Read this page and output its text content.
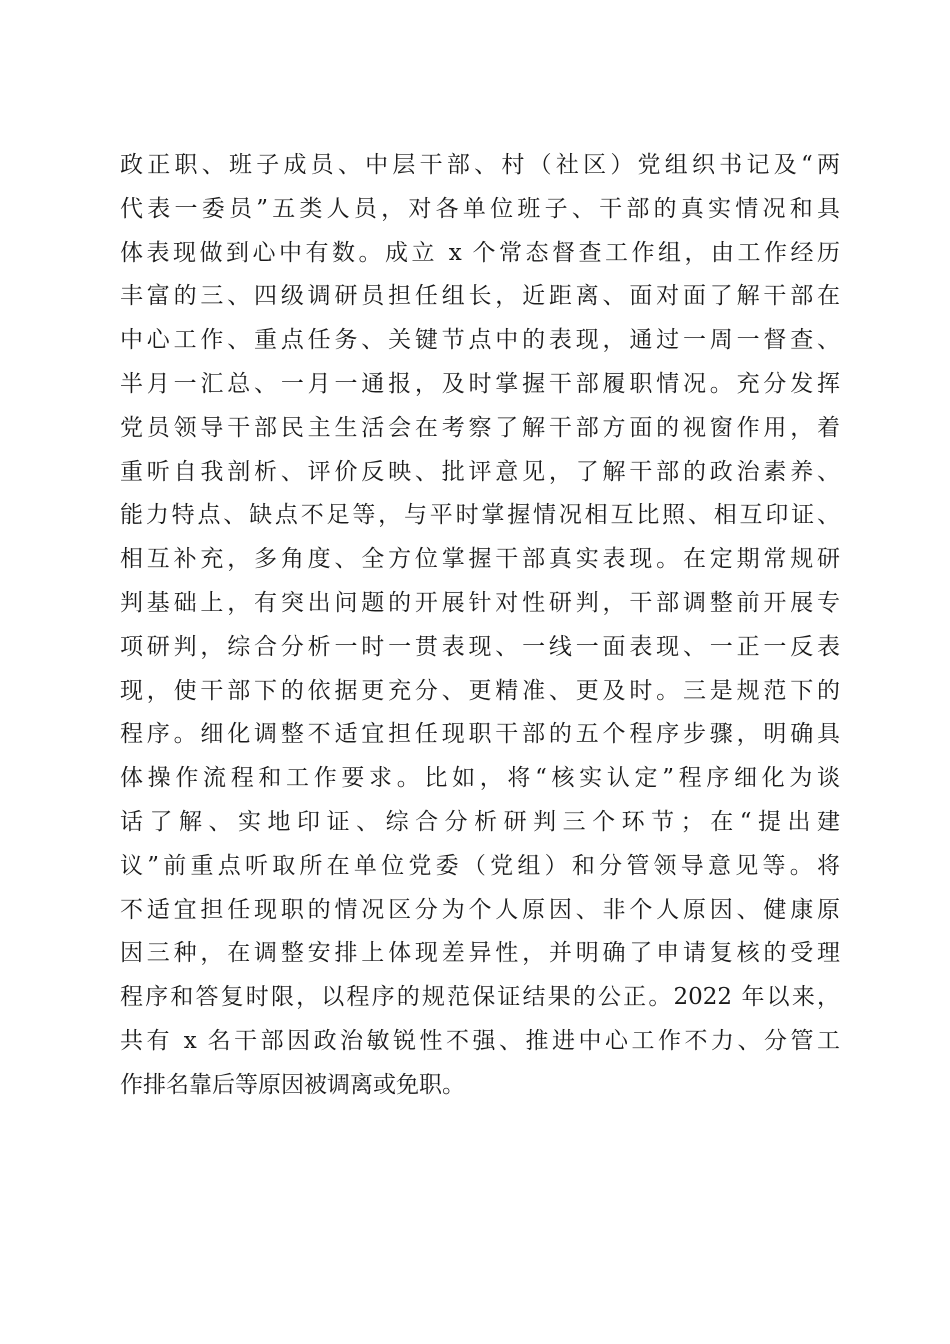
政正职、班子成员、中层干部、村（社区）党组织书记及“两
代表一委员”五类人员，对各单位班子、干部的真实情况和具
体表现做到心中有数。成立 x 个常态督查工作组，由工作经历
丰富的三、四级调研员担任组长，近距离、面对面了解干部在
中心工作、重点任务、关键节点中的表现，通过一周一督查、
半月一汇总、一月一通报，及时掌握干部履职情况。充分发挥
党员领导干部民主生活会在考察了解干部方面的视窗作用，着
重听自我剖析、评价反映、批评意见，了解干部的政治素养、
能力特点、缺点不足等，与平时掌握情况相互比照、相互印证、
相互补充，多角度、全方位掌握干部真实表现。在定期常规研
判基础上，有突出问题的开展针对性研判，干部调整前开展专
项研判，综合分析一时一贯表现、一线一面表现、一正一反表
现，使干部下的依据更充分、更精准、更及时。三是规范下的
程序。细化调整不适宜担任现职干部的五个程序步骤，明确具
体操作流程和工作要求。比如，将“核实认定”程序细化为谈
话了解、实地印证、综合分析研判三个环节；在“提出建
议”前重点听取所在单位党委（党组）和分管领导意见等。将
不适宜担任现职的情况区分为个人原因、非个人原因、健康原
因三种，在调整安排上体现差异性，并明确了申请复核的受理
程序和答复时限，以程序的规范保证结果的公正。2022 年以来，
共有 x 名干部因政治敏锐性不强、推进中心工作不力、分管工
作排名靠后等原因被调离或免职。
